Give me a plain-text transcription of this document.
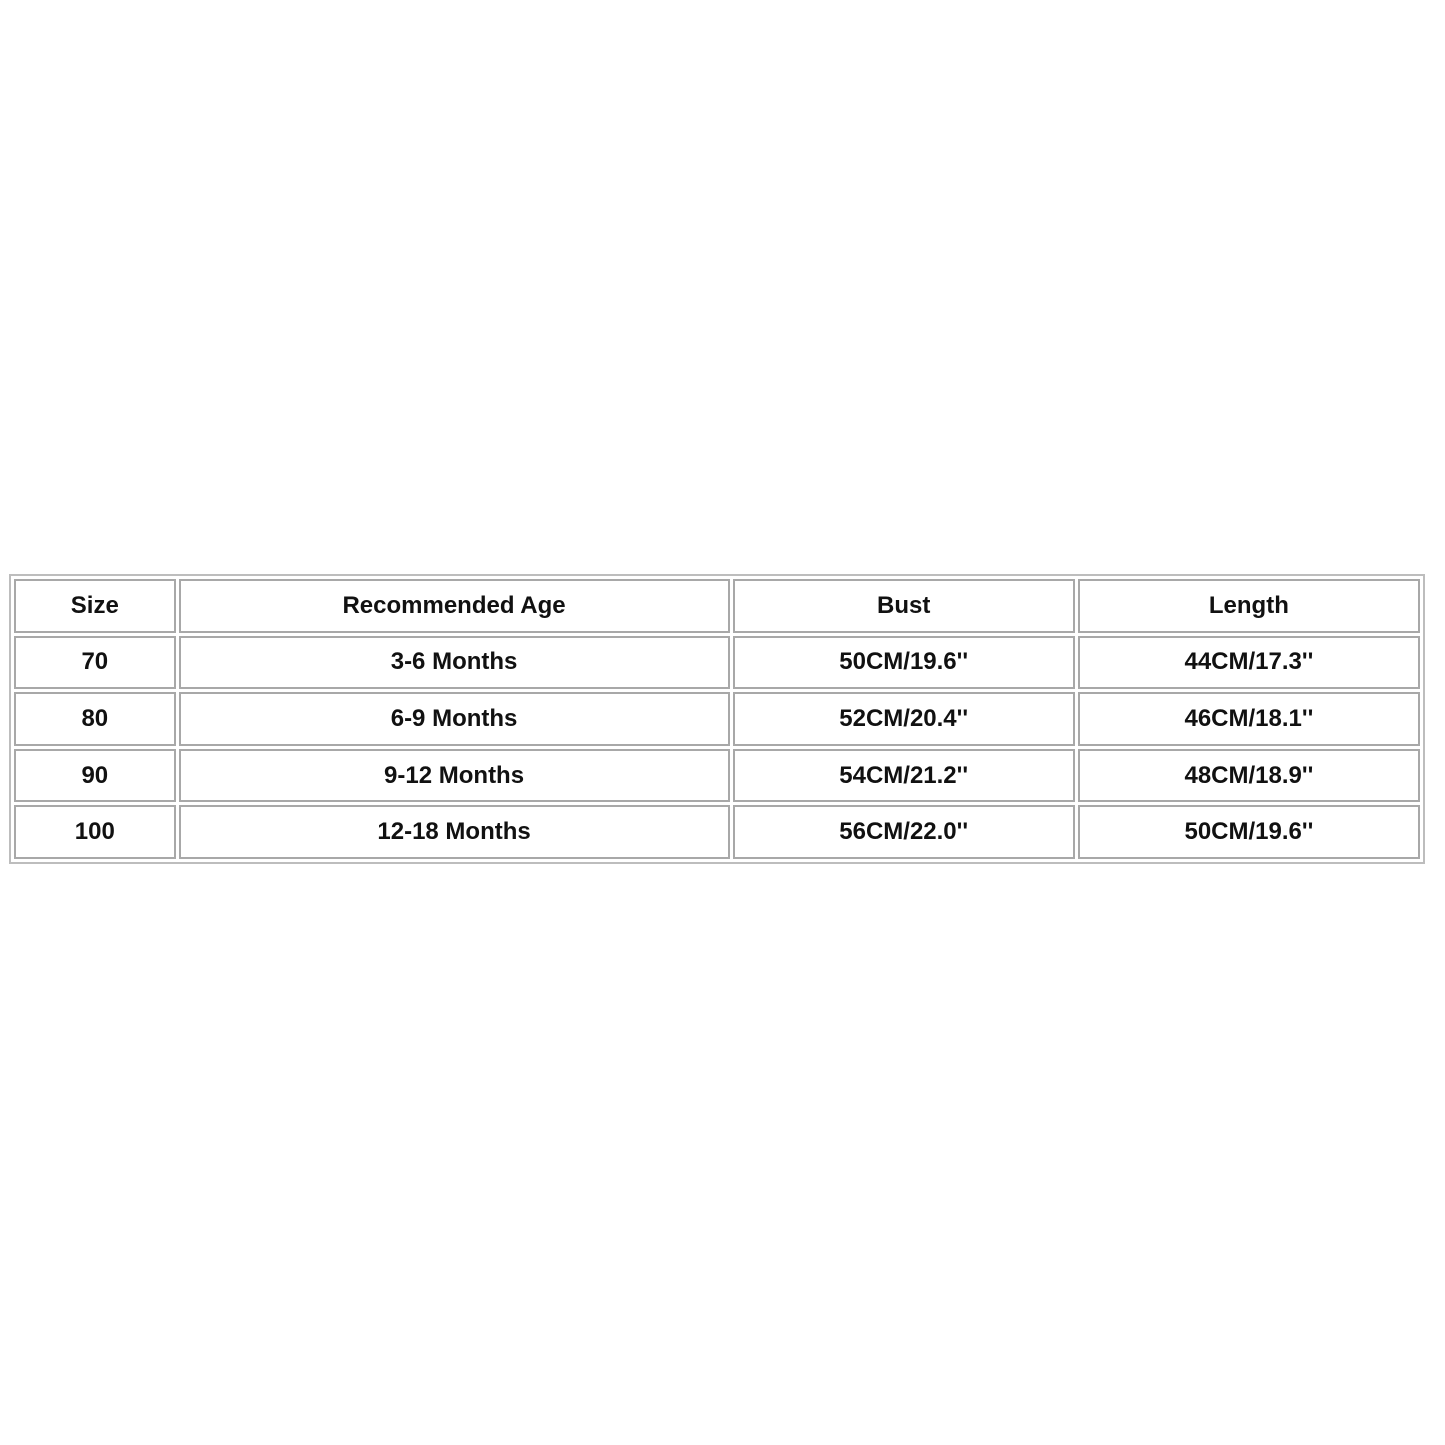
Size	Recommended Age	Bust	Length
70	3-6 Months	50CM/19.6''	44CM/17.3''
80	6-9 Months	52CM/20.4''	46CM/18.1''
90	9-12 Months	54CM/21.2''	48CM/18.9''
100	12-18 Months	56CM/22.0''	50CM/19.6''
